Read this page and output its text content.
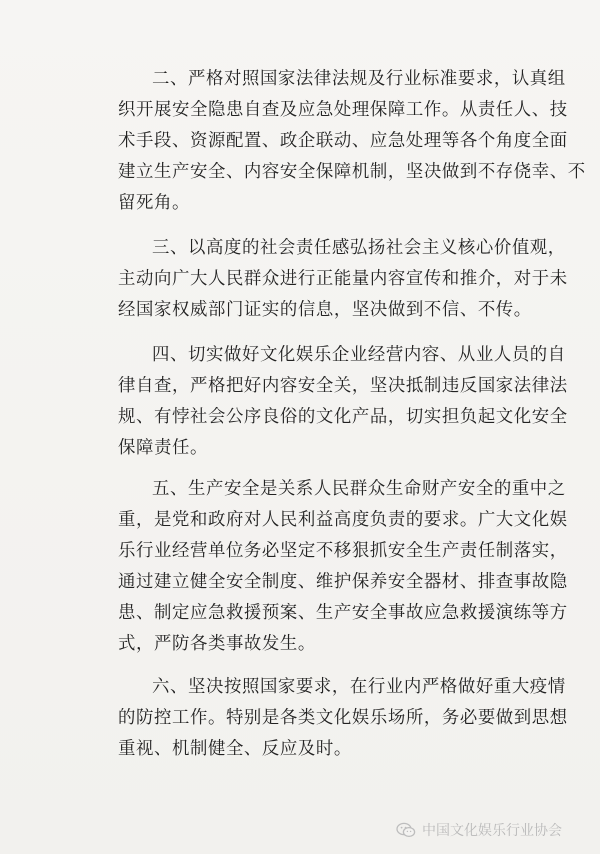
二、严格对照国家法律法规及行业标准要求，认真组
织开展安全隐患自查及应急处理保障工作。从责任人、技
术手段、资源配置、政企联动、应急处理等各个角度全面
建立生产安全、内容安全保障机制，坚决做到不存侥幸、不
留死角。
三、以高度的社会责任感弘扬社会主义核心价值观，
主动向广大人民群众进行正能量内容宣传和推介，对于未
经国家权威部门证实的信息，坚决做到不信、不传。
四、切实做好文化娱乐企业经营内容、从业人员的自
律自查，严格把好内容安全关，坚决抵制违反国家法律法
规、有悖社会公序良俗的文化产品，切实担负起文化安全
保障责任。
五、生产安全是关系人民群众生命财产安全的重中之
重，是党和政府对人民利益高度负责的要求。广大文化娱
乐行业经营单位务必坚定不移狠抓安全生产责任制落实，
通过建立健全安全制度、维护保养安全器材、排查事故隐
患、制定应急救援预案、生产安全事故应急救援演练等方
式，严防各类事故发生。
六、坚决按照国家要求，在行业内严格做好重大疫情
的防控工作。特别是各类文化娱乐场所，务必要做到思想
重视、机制健全、反应及时。
中国文化娱乐行业协会
